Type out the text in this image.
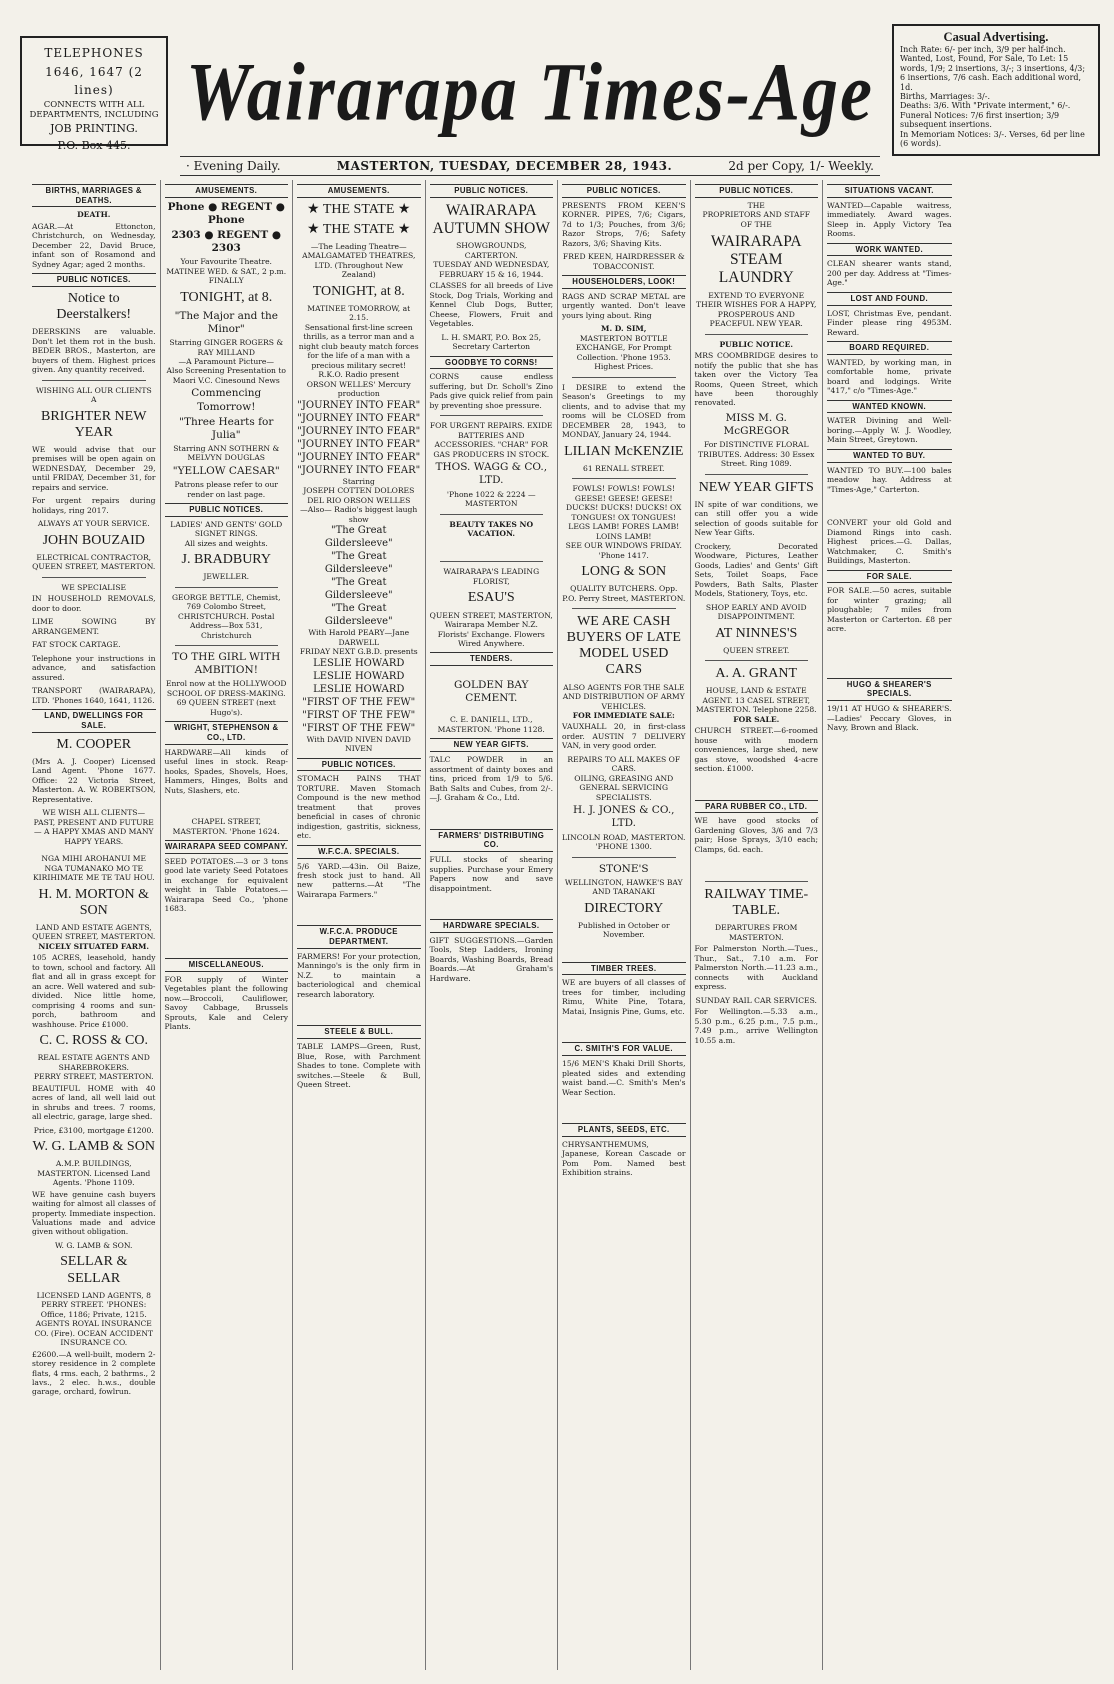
TELEPHONES
1646, 1647 (2 lines)
CONNECTS WITH ALL DEPARTMENTS, INCLUDING
JOB PRINTING.
P.O. Box 445.
Wairarapa Times-Age
· Evening Daily.	MASTERTON, TUESDAY, DECEMBER 28, 1943.	2d per Copy, 1/- Weekly.
Casual Advertising.
Inch Rate: 6/- per inch, 3/9 per half-inch.
Wanted, Lost, Found, For Sale, To Let: 15 words, 1/9; 2 insertions, 3/-; 3 insertions, 4/3; 6 insertions, 7/6 cash. Each additional word, 1d.
Births, Marriages: 3/-.
Deaths: 3/6. With "Private interment," 6/-.
Funeral Notices: 7/6 first insertion; 3/9 subsequent insertions.
In Memoriam Notices: 3/-. Verses, 6d per line (6 words).
BIRTHS, MARRIAGES & DEATHS.
DEATH.
AGAR.—At Ettoncton, Christchurch, on Wednesday, December 22, David Bruce, infant son of Rosamond and Sydney Agar; aged 2 months.
PUBLIC NOTICES.
Notice to Deerstalkers!
DEERSKINS are valuable. Don't let them rot in the bush. BEDER BROS., Masterton, are buyers of them. Highest prices given. Any quantity received.
WISHING ALL OUR CLIENTS
A
BRIGHTER NEW YEAR
WE would advise that our premises will be open again on WEDNESDAY, December 29, until FRIDAY, December 31, for repairs and service.
For urgent repairs during holidays, ring 2017.
ALWAYS AT YOUR SERVICE.
JOHN BOUZAID
ELECTRICAL CONTRACTOR, QUEEN STREET, MASTERTON.
WE SPECIALISE
IN HOUSEHOLD REMOVALS, door to door.
LIME SOWING BY ARRANGEMENT.
FAT STOCK CARTAGE.
Telephone your instructions in advance, and satisfaction assured.
TRANSPORT (WAIRARAPA), LTD. 'Phones 1640, 1641, 1126.
LAND, DWELLINGS FOR SALE.
M. COOPER
(Mrs A. J. Cooper) Licensed Land Agent. 'Phone 1677. Office: 22 Victoria Street, Masterton. A. W. ROBERTSON, Representative.
WE WISH ALL CLIENTS— PAST, PRESENT AND FUTURE— A HAPPY XMAS AND MANY HAPPY YEARS.
NGA MIHI AROHANUI ME NGA TUMANAKO MO TE KIRIHIMATE ME TE TAU HOU.
H. M. MORTON & SON
LAND AND ESTATE AGENTS, QUEEN STREET, MASTERTON.
NICELY SITUATED FARM.
105 ACRES, leasehold, handy to town, school and factory. All flat and all in grass except for an acre. Well watered and sub-divided. Nice little home, comprising 4 rooms and sun-porch, bathroom and washhouse. Price £1000.
C. C. ROSS & CO.
REAL ESTATE AGENTS AND SHAREBROKERS.
PERRY STREET, MASTERTON.
BEAUTIFUL HOME with 40 acres of land, all well laid out in shrubs and trees. 7 rooms, all electric, garage, large shed.
Price, £3100, mortgage £1200.
W. G. LAMB & SON
A.M.P. BUILDINGS, MASTERTON. Licensed Land Agents. 'Phone 1109.
WE have genuine cash buyers waiting for almost all classes of property. Immediate inspection. Valuations made and advice given without obligation.
W. G. LAMB & SON.
SELLAR & SELLAR
LICENSED LAND AGENTS, 8 PERRY STREET. 'PHONES: Office, 1186; Private, 1215.
AGENTS ROYAL INSURANCE CO. (Fire). OCEAN ACCIDENT INSURANCE CO.
£2600.—A well-built, modern 2-storey residence in 2 complete flats, 4 rms. each, 2 bathrms., 2 lavs., 2 elec. h.w.s., double garage, orchard, fowlrun.
AMUSEMENTS.
Phone ● REGENT ● Phone
2303 ● REGENT ● 2303
Your Favourite Theatre.
MATINEE WED. & SAT., 2 p.m.
FINALLY
TONIGHT, at 8.
"The Major and the Minor"
Starring GINGER ROGERS & RAY MILLAND
—A Paramount Picture—
Also Screening Presentation to Maori V.C. Cinesound News
Commencing Tomorrow!
"Three Hearts for Julia"
Starring ANN SOTHERN & MELVYN DOUGLAS
"YELLOW CAESAR"
Patrons please refer to our render on last page.
PUBLIC NOTICES.
LADIES' AND GENTS' GOLD SIGNET RINGS.
All sizes and weights.
J. BRADBURY
JEWELLER.
GEORGE BETTLE, Chemist, 769 Colombo Street, CHRISTCHURCH. Postal Address—Box 531, Christchurch
TO THE GIRL WITH AMBITION!
Enrol now at the HOLLYWOOD SCHOOL OF DRESS-MAKING. 69 QUEEN STREET (next Hugo's).
WRIGHT, STEPHENSON & CO., LTD.
HARDWARE—All kinds of useful lines in stock. Reap-hooks, Spades, Shovels, Hoes, Hammers, Hinges, Bolts and Nuts, Slashers, etc.
CHAPEL STREET, MASTERTON. 'Phone 1624.
WAIRARAPA SEED COMPANY.
SEED POTATOES.—3 or 3 tons good late variety Seed Potatoes in exchange for equivalent weight in Table Potatoes.—Wairarapa Seed Co., 'phone 1683.
MISCELLANEOUS.
FOR supply of Winter Vegetables plant the following now.—Broccoli, Cauliflower, Savoy Cabbage, Brussels Sprouts, Kale and Celery Plants.
AMUSEMENTS.
★ THE STATE ★
★ THE STATE ★
—The Leading Theatre— AMALGAMATED THEATRES, LTD. (Throughout New Zealand)
TONIGHT, at 8.
MATINEE TOMORROW, at 2.15.
Sensational first-line screen thrills, as a terror man and a night club beauty match forces for the life of a man with a precious military secret!
R.K.O. Radio present
ORSON WELLES' Mercury production
"JOURNEY INTO FEAR"
"JOURNEY INTO FEAR"
"JOURNEY INTO FEAR"
"JOURNEY INTO FEAR"
"JOURNEY INTO FEAR"
"JOURNEY INTO FEAR"
Starring
JOSEPH COTTEN DOLORES DEL RIO ORSON WELLES
—Also— Radio's biggest laugh show
"The Great Gildersleeve"
"The Great Gildersleeve"
"The Great Gildersleeve"
"The Great Gildersleeve"
With Harold PEARY—Jane DARWELL
FRIDAY NEXT G.B.D. presents
LESLIE HOWARD
LESLIE HOWARD
LESLIE HOWARD
"FIRST OF THE FEW"
"FIRST OF THE FEW"
"FIRST OF THE FEW"
With DAVID NIVEN DAVID NIVEN
PUBLIC NOTICES.
STOMACH PAINS THAT TORTURE. Maven Stomach Compound is the new method treatment that proves beneficial in cases of chronic indigestion, gastritis, sickness, etc.
W.F.C.A. SPECIALS.
5/6 YARD.—43in. Oil Baize, fresh stock just to hand. All new patterns.—At "The Wairarapa Farmers."
W.F.C.A. PRODUCE DEPARTMENT.
FARMERS! For your protection, Manningo's is the only firm in N.Z. to maintain a bacteriological and chemical research laboratory.
STEELE & BULL.
TABLE LAMPS—Green, Rust, Blue, Rose, with Parchment Shades to tone. Complete with switches.—Steele & Bull, Queen Street.
PUBLIC NOTICES.
WAIRARAPA AUTUMN SHOW
SHOWGROUNDS, CARTERTON.
TUESDAY AND WEDNESDAY, FEBRUARY 15 & 16, 1944.
CLASSES for all breeds of Live Stock, Dog Trials, Working and Kennel Club Dogs, Butter, Cheese, Flowers, Fruit and Vegetables.
L. H. SMART, P.O. Box 25, Secretary Carterton
GOODBYE TO CORNS!
CORNS cause endless suffering, but Dr. Scholl's Zino Pads give quick relief from pain by preventing shoe pressure.
FOR URGENT REPAIRS. EXIDE BATTERIES AND ACCESSORIES. "CHAR" FOR GAS PRODUCERS IN STOCK.
THOS. WAGG & CO., LTD.
'Phone 1022 & 2224 — MASTERTON
BEAUTY TAKES NO VACATION.
WAIRARAPA'S LEADING FLORIST,
ESAU'S
QUEEN STREET, MASTERTON, Wairarapa Member N.Z. Florists' Exchange. Flowers Wired Anywhere.
TENDERS.
GOLDEN BAY CEMENT.
C. E. DANIELL, LTD., MASTERTON. 'Phone 1128.
NEW YEAR GIFTS.
TALC POWDER in an assortment of dainty boxes and tins, priced from 1/9 to 5/6. Bath Salts and Cubes, from 2/-.—J. Graham & Co., Ltd.
FARMERS' DISTRIBUTING CO.
FULL stocks of shearing supplies. Purchase your Emery Papers now and save disappointment.
HARDWARE SPECIALS.
GIFT SUGGESTIONS.—Garden Tools, Step Ladders, Ironing Boards, Washing Boards, Bread Boards.—At Graham's Hardware.
PUBLIC NOTICES.
PRESENTS FROM KEEN'S KORNER. PIPES, 7/6; Cigars, 7d to 1/3; Pouches, from 3/6; Razor Strops, 7/6; Safety Razors, 3/6; Shaving Kits.
FRED KEEN, HAIRDRESSER & TOBACCONIST.
HOUSEHOLDERS, LOOK!
RAGS AND SCRAP METAL are urgently wanted. Don't leave yours lying about. Ring
M. D. SIM,
MASTERTON BOTTLE EXCHANGE, For Prompt Collection. 'Phone 1953. Highest Prices.
I DESIRE to extend the Season's Greetings to my clients, and to advise that my rooms will be CLOSED from DECEMBER 28, 1943, to MONDAY, January 24, 1944.
LILIAN McKENZIE
61 RENALL STREET.
FOWLS! FOWLS! FOWLS! GEESE! GEESE! GEESE! DUCKS! DUCKS! DUCKS! OX TONGUES! OX TONGUES! LEGS LAMB! FORES LAMB! LOINS LAMB!
SEE OUR WINDOWS FRIDAY. 'Phone 1417.
LONG & SON
QUALITY BUTCHERS. Opp. P.O. Perry Street, MASTERTON.
WE ARE CASH BUYERS OF LATE MODEL USED CARS
ALSO AGENTS FOR THE SALE AND DISTRIBUTION OF ARMY VEHICLES.
FOR IMMEDIATE SALE:
VAUXHALL 20, in first-class order. AUSTIN 7 DELIVERY VAN, in very good order.
REPAIRS TO ALL MAKES OF CARS.
OILING, GREASING AND GENERAL SERVICING SPECIALISTS.
H. J. JONES & CO., LTD.
LINCOLN ROAD, MASTERTON. 'PHONE 1300.
STONE'S
WELLINGTON, HAWKE'S BAY AND TARANAKI
DIRECTORY
Published in October or November.
TIMBER TREES.
WE are buyers of all classes of trees for timber, including Rimu, White Pine, Totara, Matai, Insignis Pine, Gums, etc.
C. SMITH'S FOR VALUE.
15/6 MEN'S Khaki Drill Shorts, pleated sides and extending waist band.—C. Smith's Men's Wear Section.
PLANTS, SEEDS, ETC.
CHRYSANTHEMUMS, Japanese, Korean Cascade or Pom Pom. Named best Exhibition strains.
PUBLIC NOTICES.
THE
PROPRIETORS AND STAFF
OF THE
WAIRARAPA STEAM LAUNDRY
EXTEND TO EVERYONE THEIR WISHES FOR A HAPPY, PROSPEROUS AND PEACEFUL NEW YEAR.
PUBLIC NOTICE.
MRS COOMBRIDGE desires to notify the public that she has taken over the Victory Tea Rooms, Queen Street, which have been thoroughly renovated.
MISS M. G. McGREGOR
For DISTINCTIVE FLORAL TRIBUTES. Address: 30 Essex Street. Ring 1089.
NEW YEAR GIFTS
IN spite of war conditions, we can still offer you a wide selection of goods suitable for New Year Gifts.
Crockery, Decorated Woodware, Pictures, Leather Goods, Ladies' and Gents' Gift Sets, Toilet Soaps, Face Powders, Bath Salts, Plaster Models, Stationery, Toys, etc.
SHOP EARLY AND AVOID DISAPPOINTMENT.
AT NINNES'S
QUEEN STREET.
A. A. GRANT
HOUSE, LAND & ESTATE AGENT. 13 CASEL STREET, MASTERTON. Telephone 2258.
FOR SALE.
CHURCH STREET.—6-roomed house with modern conveniences, large shed, new gas stove, woodshed 4-acre section. £1000.
PARA RUBBER CO., LTD.
WE have good stocks of Gardening Gloves, 3/6 and 7/3 pair; Hose Sprays, 3/10 each; Clamps, 6d. each.
RAILWAY TIME-TABLE.
DEPARTURES FROM MASTERTON.
For Palmerston North.—Tues., Thur., Sat., 7.10 a.m. For Palmerston North.—11.23 a.m., connects with Auckland express.
SUNDAY RAIL CAR SERVICES.
For Wellington.—5.33 a.m., 5.30 p.m., 6.25 p.m., 7.5 p.m., 7.49 p.m., arrive Wellington 10.55 a.m.
SITUATIONS VACANT.
WANTED—Capable waitress, immediately. Award wages. Sleep in. Apply Victory Tea Rooms.
WORK WANTED.
CLEAN shearer wants stand, 200 per day. Address at "Times-Age."
LOST AND FOUND.
LOST, Christmas Eve, pendant. Finder please ring 4953M. Reward.
BOARD REQUIRED.
WANTED, by working man, in comfortable home, private board and lodgings. Write "417," c/o "Times-Age."
WANTED KNOWN.
WATER Divining and Well-boring.—Apply W. J. Woodley, Main Street, Greytown.
WANTED TO BUY.
WANTED TO BUY.—100 bales meadow hay. Address at "Times-Age," Carterton.
CONVERT your old Gold and Diamond Rings into cash. Highest prices.—G. Dallas, Watchmaker, C. Smith's Buildings, Masterton.
FOR SALE.
FOR SALE.—50 acres, suitable for winter grazing; all ploughable; 7 miles from Masterton or Carterton. £8 per acre.
HUGO & SHEARER'S SPECIALS.
19/11 AT HUGO & SHEARER'S.—Ladies' Peccary Gloves, in Navy, Brown and Black.
